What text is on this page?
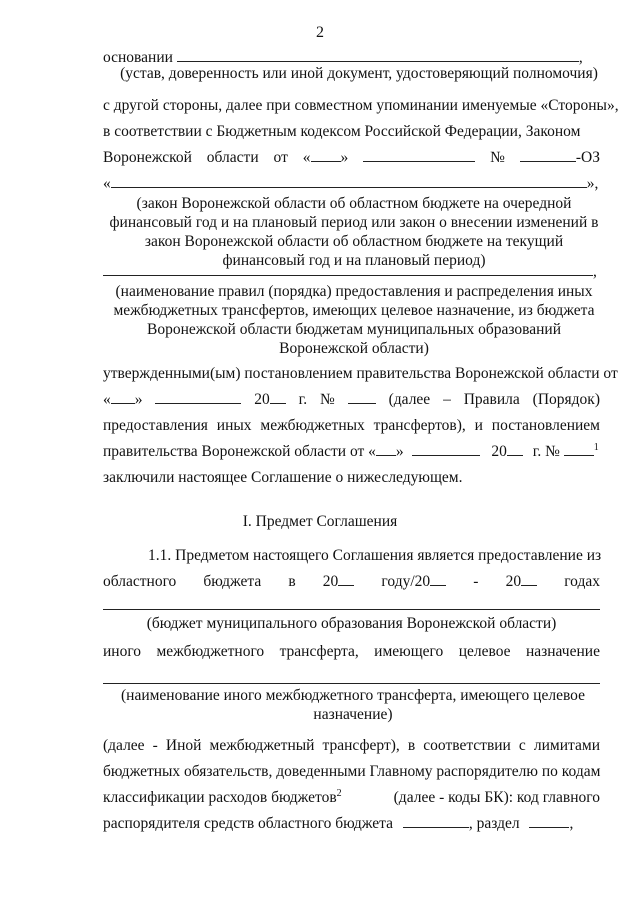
2
основании	,
(устав, доверенность или иной документ, удостоверяющий полномочия)
с другой стороны, далее при совместном упоминании именуемые «Стороны»,
в соответствии с Бюджетным кодексом Российской Федерации, Законом
Воронежской области от « »	№	-ОЗ
«	»,
(закон Воронежской области об областном бюджете на очередной финансовый год и на плановый период или закон о внесении изменений в закон Воронежской области об областном бюджете на текущий финансовый год и на плановый период)
,
(наименование правил (порядка) предоставления и распределения иных межбюджетных трансфертов, имеющих целевое назначение, из бюджета Воронежской области бюджетам муниципальных образований Воронежской области)
утвержденными(ым) постановлением правительства Воронежской области от
« »	20	г. №	(далее – Правила (Порядок)
предоставления иных межбюджетных трансфертов), и постановлением
правительства Воронежской области от « »	20 г. №	$^1$
заключили настоящее Соглашение о нижеследующем.
I. Предмет Соглашения
1.1. Предметом настоящего Соглашения является предоставление из
областного бюджета в 20	году/20	- 20	годах
(бюджет муниципального образования Воронежской области)
иного межбюджетного трансферта, имеющего целевое назначение
(наименование иного межбюджетного трансферта, имеющего целевое назначение)
(далее - Иной межбюджетный трансферт), в соответствии с лимитами
бюджетных обязательств, доведенными Главному распорядителю по кодам
классификации расходов бюджетов$^2$	(далее - коды БК): код главного
распорядителя средств областного бюджета	, раздел	,
